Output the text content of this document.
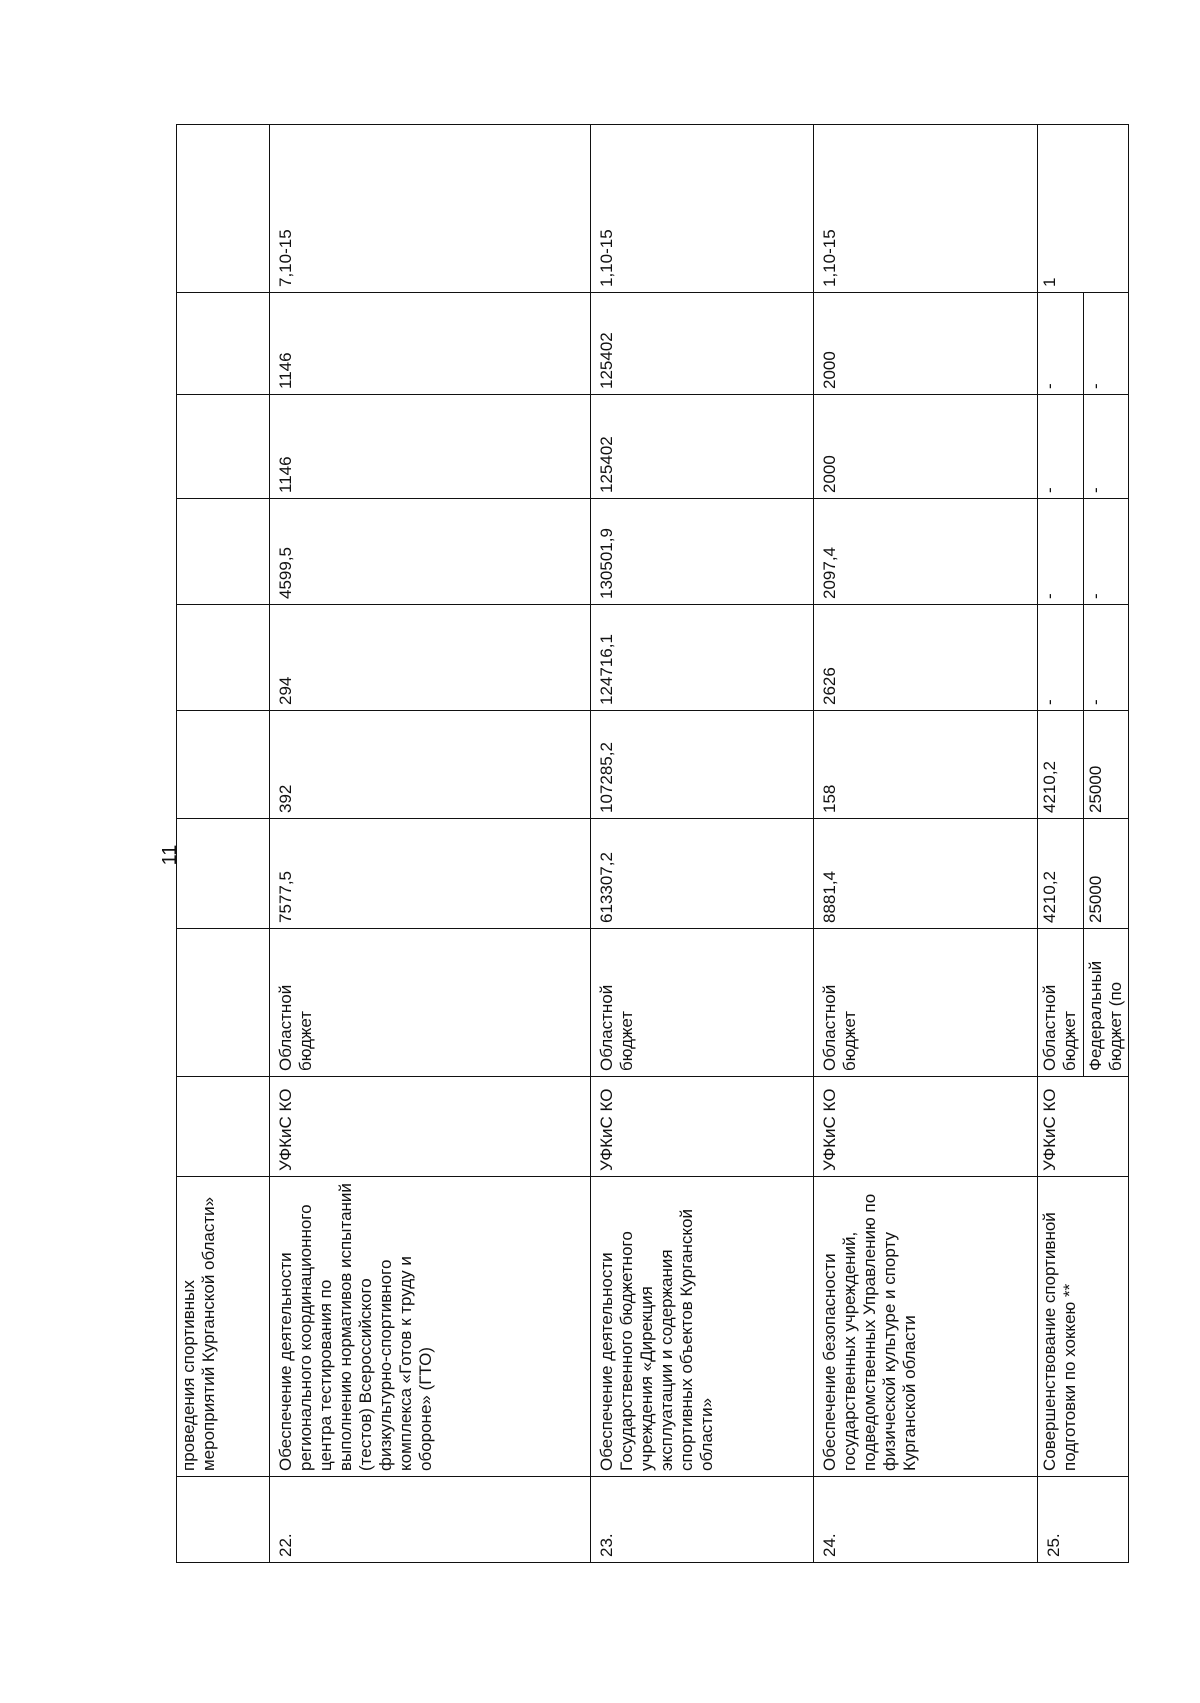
11
	проведения спортивных мероприятий Курганской области»									
22.	Обеспечение деятельности регионального координационного центра тестирования по выполнению нормативов испытаний (тестов) Всероссийского физкультурно-спортивного комплекса «Готов к труду и обороне» (ГТО)	УФКиС КО	Областной бюджет	7577,5	392	294	4599,5	1146	1146	7,10-15
23.	Обеспечение деятельности Государственного бюджетного учреждения «Дирекция эксплуатации и содержания спортивных объектов Курганской области»	УФКиС КО	Областной бюджет	613307,2	107285,2	124716,1	130501,9	125402	125402	1,10-15
24.	Обеспечение безопасности государственных учреждений, подведомственных Управлению по физической культуре и спорту Курганской области	УФКиС КО	Областной бюджет	8881,4	158	2626	2097,4	2000	2000	1,10-15
25.	Совершенствование спортивной подготовки по хоккею **	УФКиС КО	Областной бюджет	4210,2	4210,2	-	-	-	-	1
			Федеральный бюджет (по	25000	25000	-	-	-	-	
